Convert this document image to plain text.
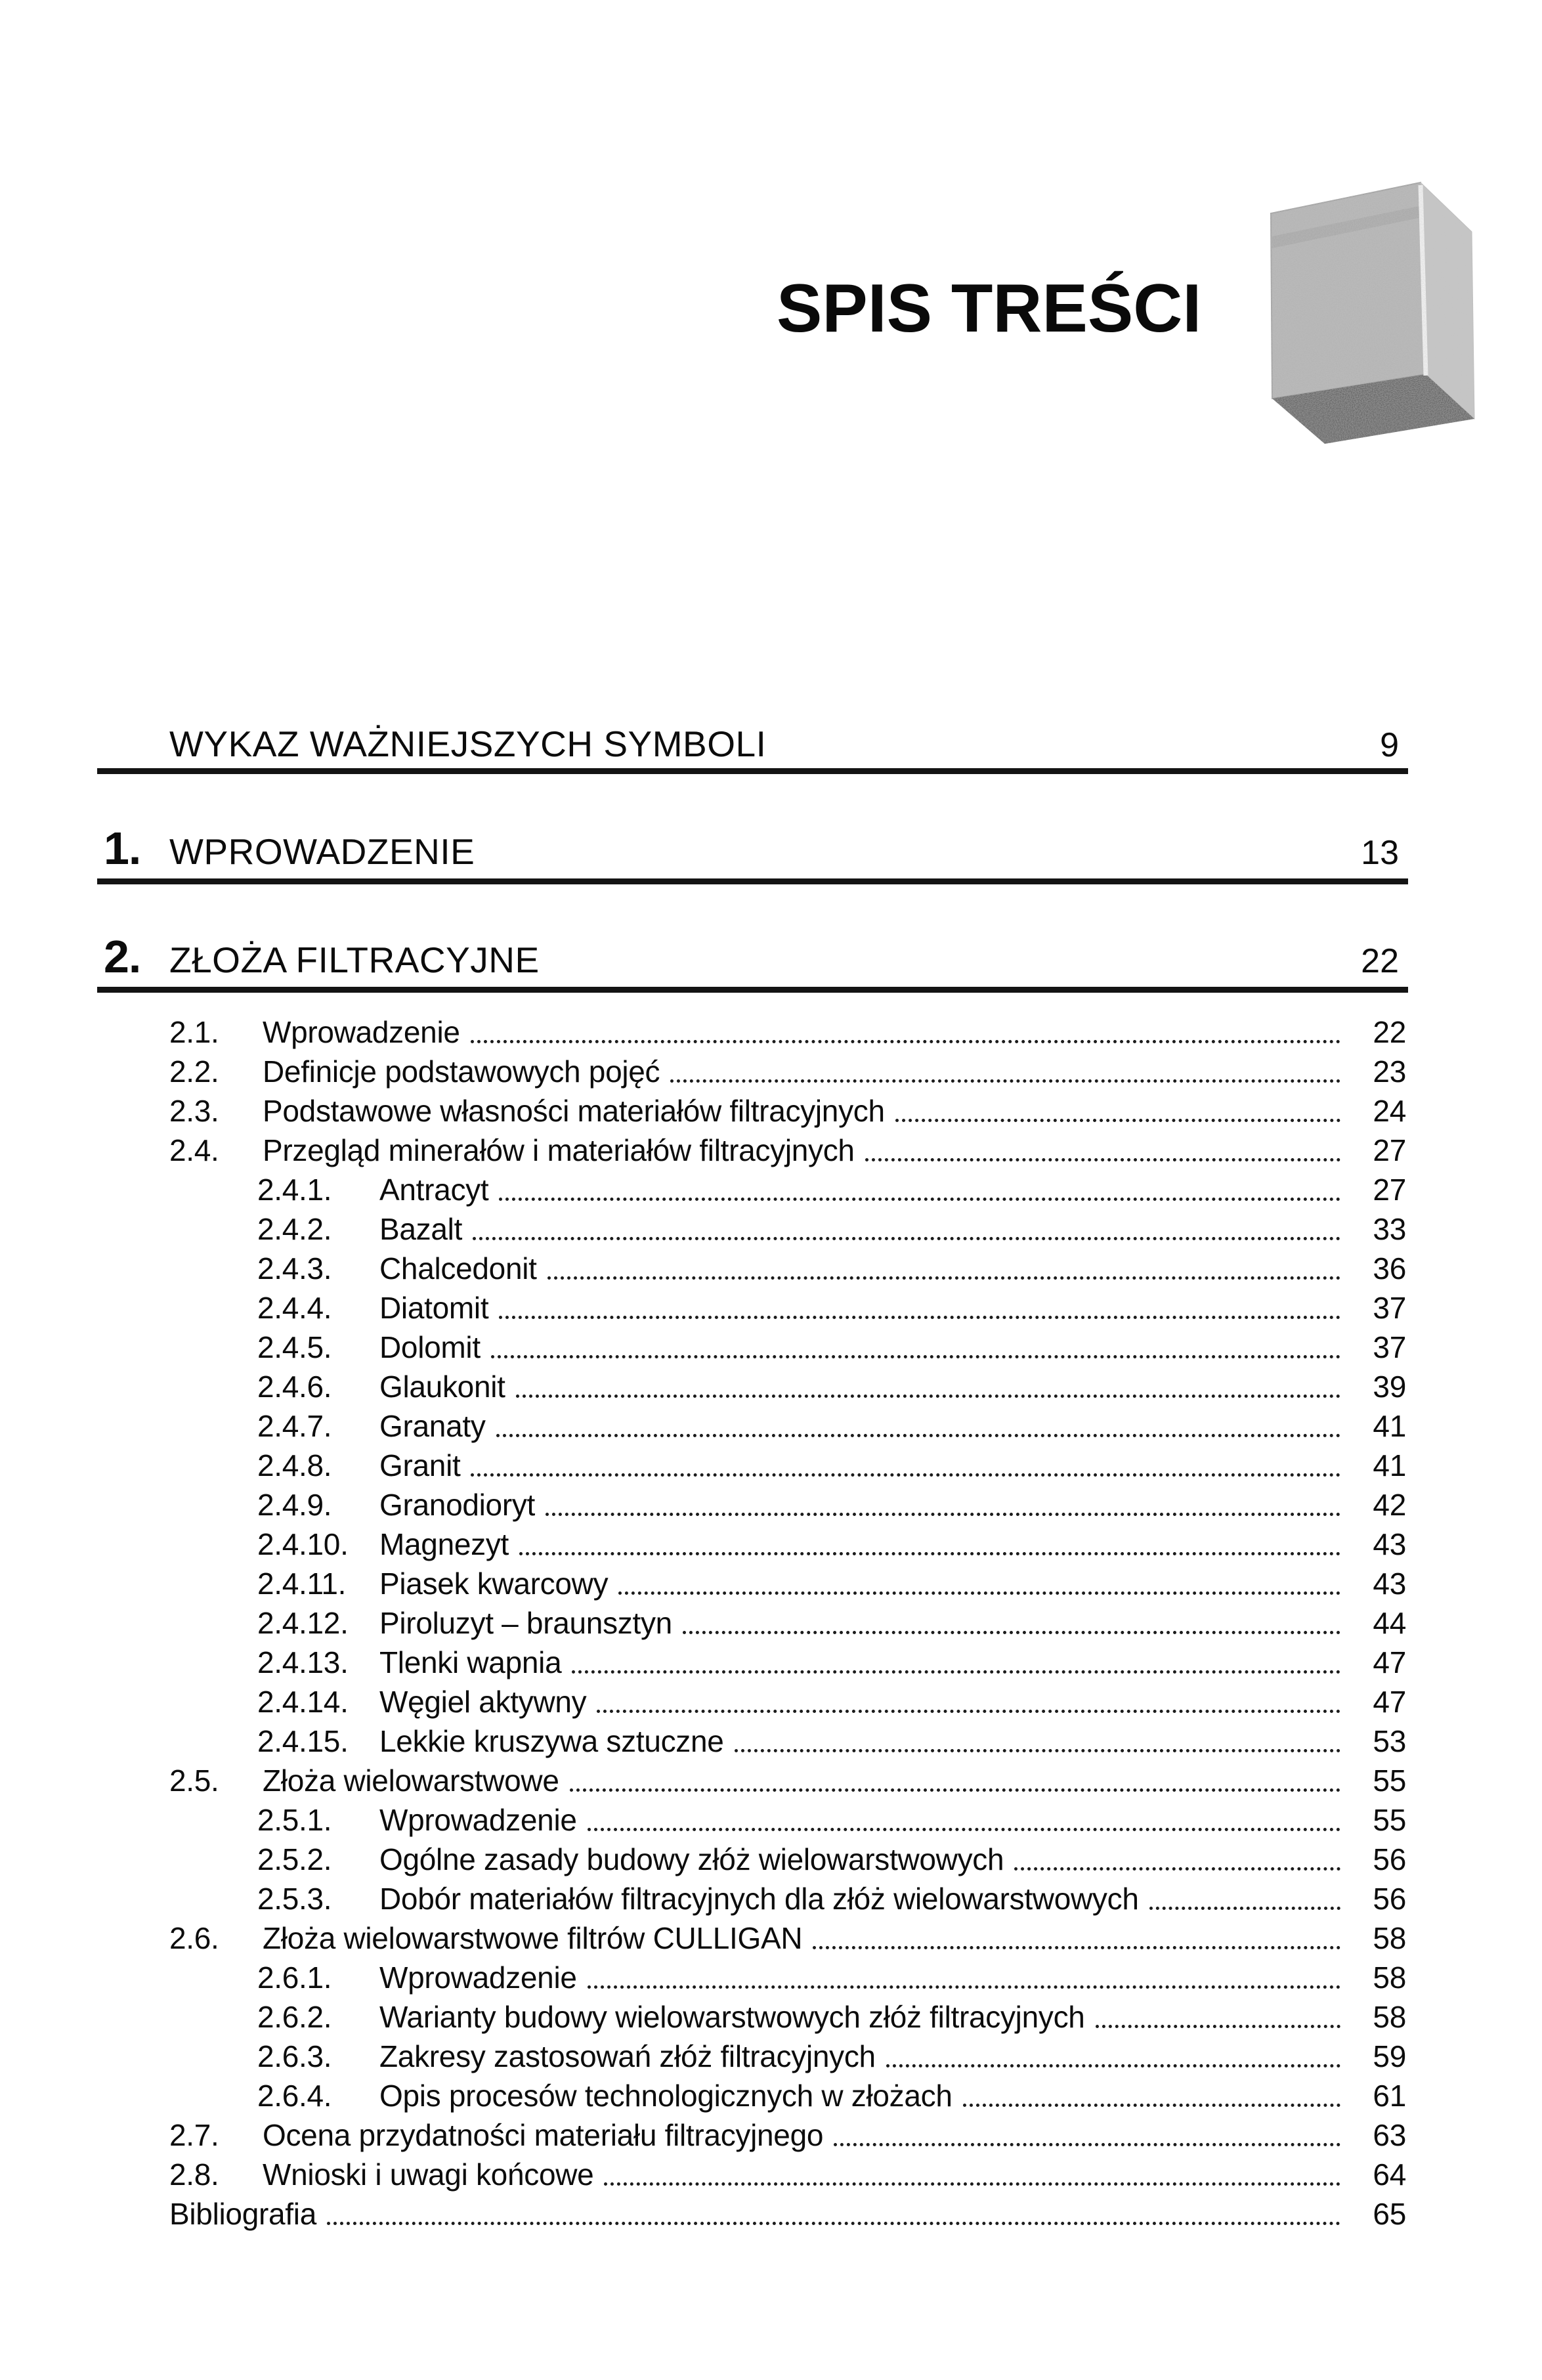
SPIS TREŚCI
WYKAZ WAŻNIEJSZYCH SYMBOLI	9
1. WPROWADZENIE	13
2. ZŁOŻA FILTRACYJNE	22
2.1.	Wprowadzenie	22
2.2.	Definicje podstawowych pojęć	23
2.3.	Podstawowe własności materiałów filtracyjnych	24
2.4.	Przegląd minerałów i materiałów filtracyjnych	27
2.4.1.	Antracyt	27
2.4.2.	Bazalt	33
2.4.3.	Chalcedonit	36
2.4.4.	Diatomit	37
2.4.5.	Dolomit	37
2.4.6.	Glaukonit	39
2.4.7.	Granaty	41
2.4.8.	Granit	41
2.4.9.	Granodioryt	42
2.4.10.	Magnezyt	43
2.4.11.	Piasek kwarcowy	43
2.4.12.	Piroluzyt – braunsztyn	44
2.4.13.	Tlenki wapnia	47
2.4.14.	Węgiel aktywny	47
2.4.15.	Lekkie kruszywa sztuczne	53
2.5.	Złoża wielowarstwowe	55
2.5.1.	Wprowadzenie	55
2.5.2.	Ogólne zasady budowy złóż wielowarstwowych	56
2.5.3.	Dobór materiałów filtracyjnych dla złóż wielowarstwowych	56
2.6.	Złoża wielowarstwowe filtrów CULLIGAN	58
2.6.1.	Wprowadzenie	58
2.6.2.	Warianty budowy wielowarstwowych złóż filtracyjnych	58
2.6.3.	Zakresy zastosowań złóż filtracyjnych	59
2.6.4.	Opis procesów technologicznych w złożach	61
2.7.	Ocena przydatności materiału filtracyjnego	63
2.8.	Wnioski i uwagi końcowe	64
Bibliografia	65
